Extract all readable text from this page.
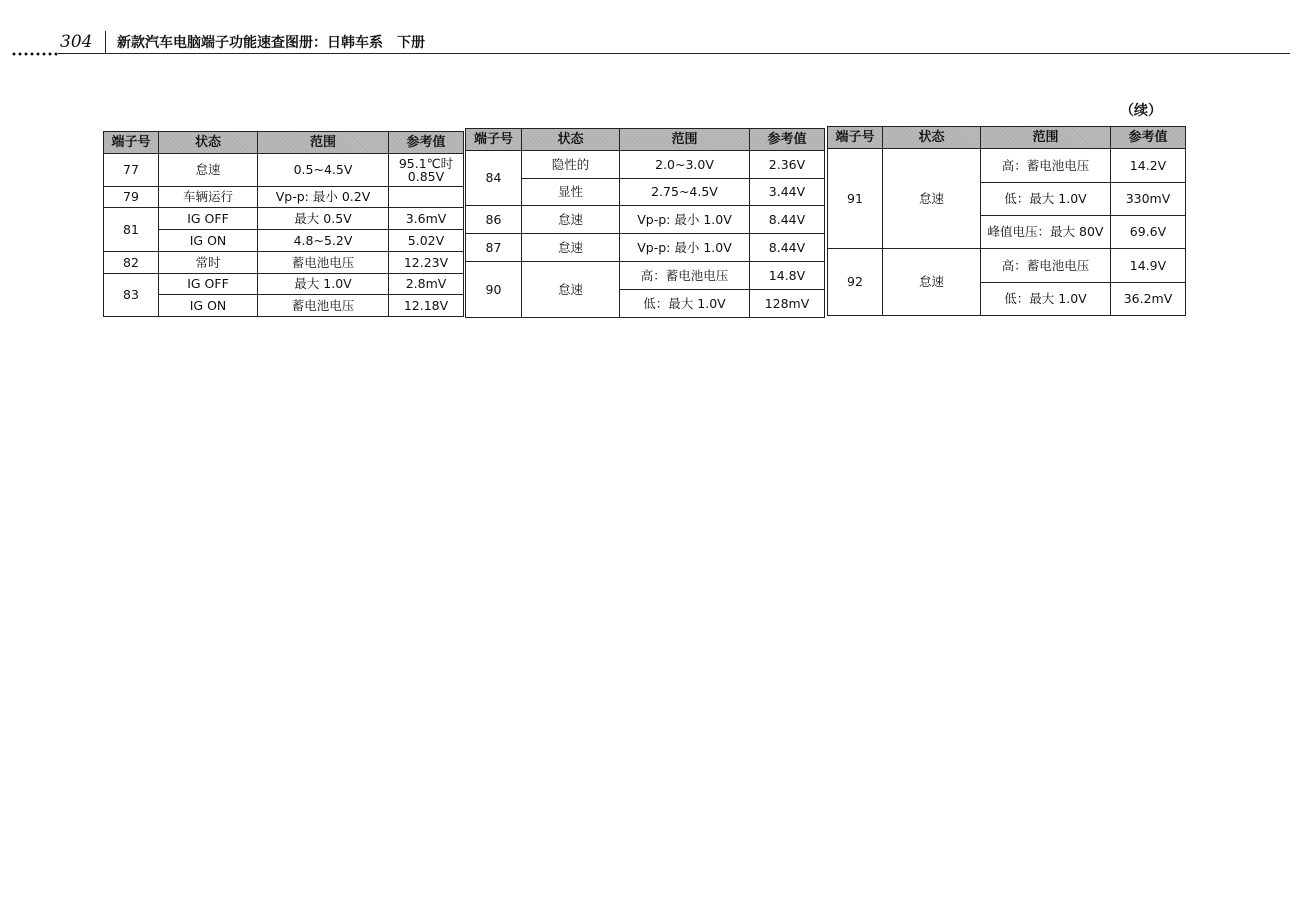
304 新款汽车电脑端子功能速查图册：日韩车系　下册
（续）
端子号	状态	范围	参考值
77	怠速	0.5~4.5V	95.1℃时 0.85V
79	车辆运行	Vp-p: 最小 0.2V	
81	IG OFF	最大 0.5V	3.6mV
	IG ON	4.8~5.2V	5.02V
82	常时	蓄电池电压	12.23V
83	IG OFF	最大 1.0V	2.8mV
	IG ON	蓄电池电压	12.18V
端子号	状态	范围	参考值
84	隐性的	2.0~3.0V	2.36V
	显性	2.75~4.5V	3.44V
86	怠速	Vp-p: 最小 1.0V	8.44V
87	怠速	Vp-p: 最小 1.0V	8.44V
90	怠速	高：蓄电池电压	14.8V
		低：最大 1.0V	128mV
端子号	状态	范围	参考值
91	怠速	高：蓄电池电压	14.2V
		低：最大 1.0V	330mV
		峰值电压：最大 80V	69.6V
92	怠速	高：蓄电池电压	14.9V
		低：最大 1.0V	36.2mV
